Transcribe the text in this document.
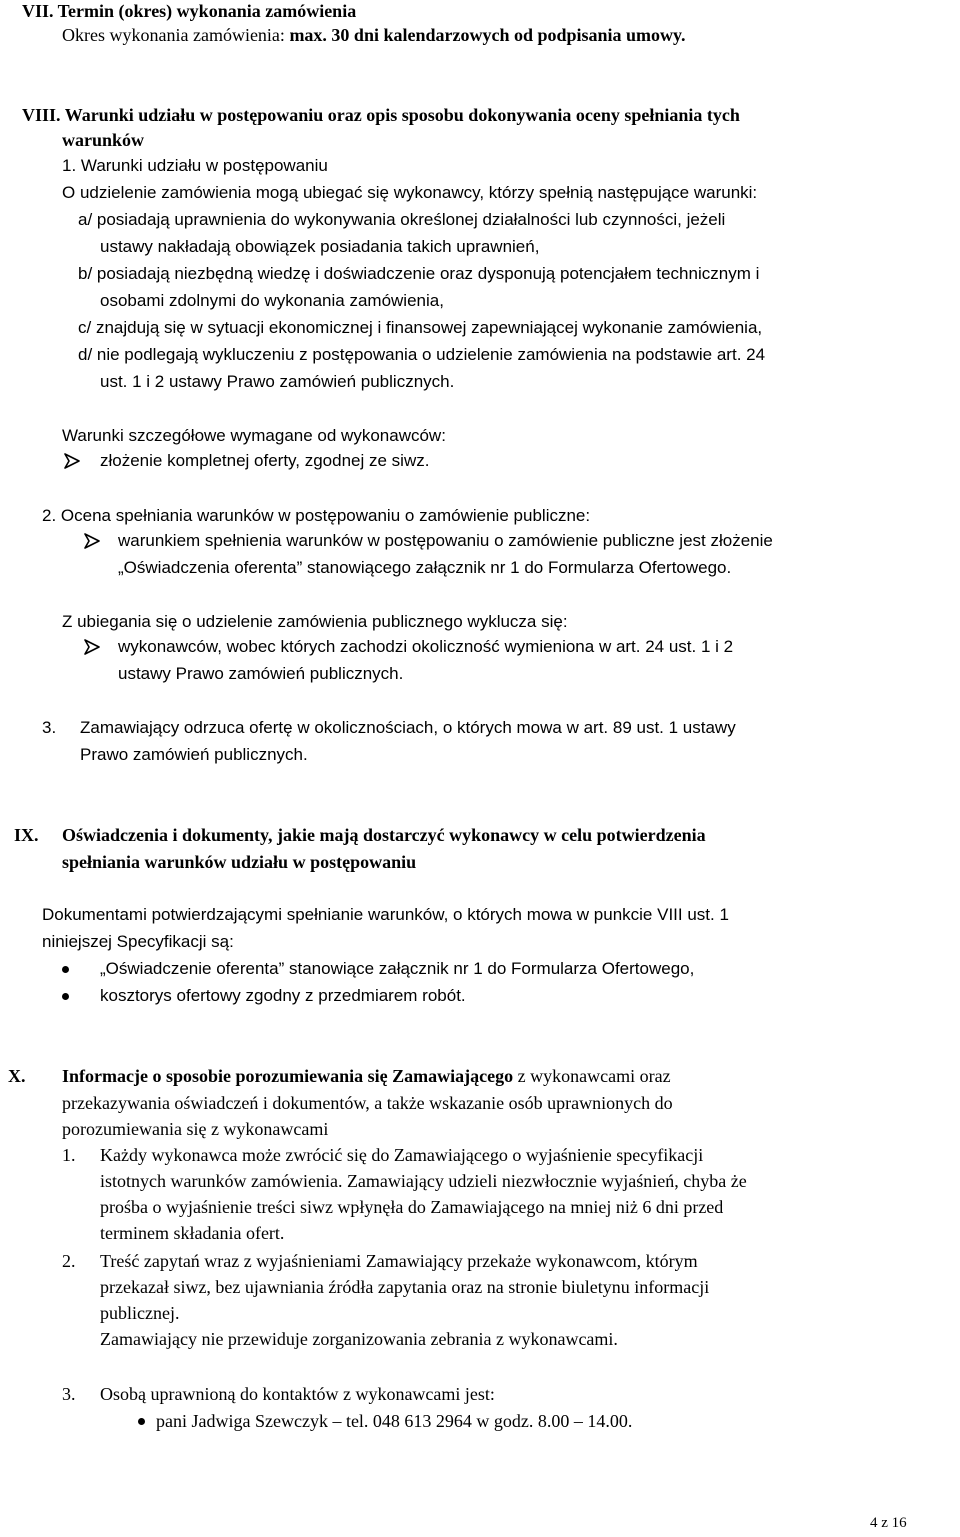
VII. Termin (okres) wykonania zamówienia
Okres wykonania zamówienia: max. 30 dni kalendarzowych od podpisania umowy.
VIII. Warunki udziału w postępowaniu oraz opis sposobu dokonywania oceny spełniania tych
warunków
1. Warunki udziału w postępowaniu
O udzielenie zamówienia mogą ubiegać się wykonawcy, którzy spełnią następujące warunki:
a/ posiadają uprawnienia do wykonywania określonej działalności lub czynności, jeżeli
ustawy nakładają obowiązek posiadania takich uprawnień,
b/ posiadają niezbędną wiedzę i doświadczenie oraz dysponują potencjałem technicznym i
osobami zdolnymi do wykonania zamówienia,
c/ znajdują się w sytuacji ekonomicznej i finansowej zapewniającej wykonanie zamówienia,
d/ nie podlegają wykluczeniu z postępowania o udzielenie zamówienia na podstawie art. 24
ust. 1 i 2 ustawy Prawo zamówień publicznych.
Warunki szczegółowe wymagane od wykonawców:
złożenie kompletnej oferty, zgodnej ze siwz.
2. Ocena spełniania warunków w postępowaniu o zamówienie publiczne:
warunkiem spełnienia warunków w postępowaniu o zamówienie publiczne jest złożenie
„Oświadczenia oferenta” stanowiącego załącznik nr 1 do Formularza Ofertowego.
Z ubiegania się o udzielenie zamówienia publicznego wyklucza się:
wykonawców, wobec których zachodzi okoliczność wymieniona w art. 24 ust. 1 i 2
ustawy Prawo zamówień publicznych.
3. Zamawiający odrzuca ofertę w okolicznościach, o których mowa w art. 89 ust. 1 ustawy
Prawo zamówień publicznych.
IX. Oświadczenia i dokumenty, jakie mają dostarczyć wykonawcy w celu potwierdzenia
spełniania warunków udziału w postępowaniu
Dokumentami potwierdzającymi spełnianie warunków, o których mowa w punkcie VIII ust. 1
niniejszej Specyfikacji są:
„Oświadczenie oferenta” stanowiące załącznik nr 1 do Formularza Ofertowego,
kosztorys ofertowy zgodny z przedmiarem robót.
X. Informacje o sposobie porozumiewania się Zamawiającego z wykonawcami oraz
przekazywania oświadczeń i dokumentów, a także wskazanie osób uprawnionych do
porozumiewania się z wykonawcami
1. Każdy wykonawca może zwrócić się do Zamawiającego o wyjaśnienie specyfikacji
istotnych warunków zamówienia. Zamawiający udzieli niezwłocznie wyjaśnień, chyba że
prośba o wyjaśnienie treści siwz wpłynęła do Zamawiającego na mniej niż 6 dni przed
terminem składania ofert.
2. Treść zapytań wraz z wyjaśnieniami Zamawiający przekaże wykonawcom, którym
przekazał siwz, bez ujawniania źródła zapytania oraz na stronie biuletynu informacji
publicznej.
Zamawiający nie przewiduje zorganizowania zebrania z wykonawcami.
3. Osobą uprawnioną do kontaktów z wykonawcami jest:
pani Jadwiga Szewczyk – tel. 048 613 2964 w godz. 8.00 – 14.00.
4 z 16
